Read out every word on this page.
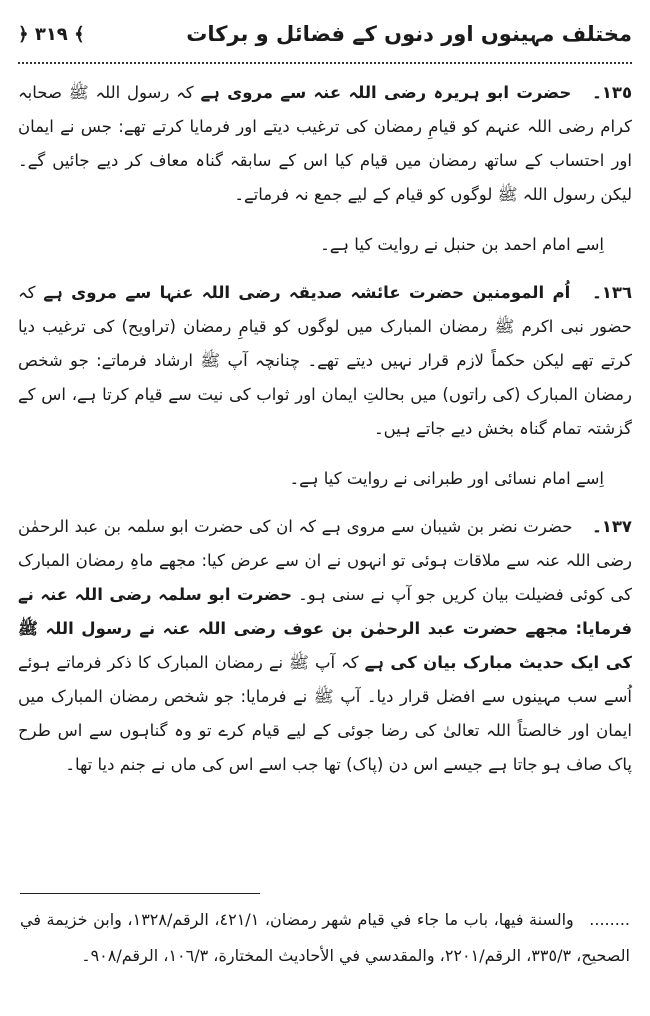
مختلف مہینوں اور دنوں کے فضائل و برکات
﴾ ٣١٩ ﴿

١٣٥۔ حضرت ابو ہریرہ رضی اللہ عنہ سے مروی ہے کہ رسول اللہ ﷺ صحابہ کرام رضی اللہ عنہم کو قیامِ رمضان کی ترغیب دیتے اور فرمایا کرتے تھے: جس نے ایمان اور احتساب کے ساتھ رمضان میں قیام کیا اس کے سابقہ گناہ معاف کر دیے جائیں گے۔ لیکن رسول اللہ ﷺ لوگوں کو قیام کے لیے جمع نہ فرماتے۔

اِسے امام احمد بن حنبل نے روایت کیا ہے۔

١٣٦۔ اُم المومنین حضرت عائشہ صدیقہ رضی اللہ عنہا سے مروی ہے کہ حضور نبی اکرم ﷺ رمضان المبارک میں لوگوں کو قیامِ رمضان (تراویح) کی ترغیب دیا کرتے تھے لیکن حکماً لازم قرار نہیں دیتے تھے۔ چنانچہ آپ ﷺ ارشاد فرماتے: جو شخص رمضان المبارک (کی راتوں) میں بحالتِ ایمان اور ثواب کی نیت سے قیام کرتا ہے، اس کے گزشتہ تمام گناہ بخش دیے جاتے ہیں۔

اِسے امام نسائی اور طبرانی نے روایت کیا ہے۔

١٣٧۔ حضرت نضر بن شیبان سے مروی ہے کہ ان کی حضرت ابو سلمہ بن عبد الرحمٰن رضی اللہ عنہ سے ملاقات ہوئی تو انہوں نے ان سے عرض کیا: مجھے ماہِ رمضان المبارک کی کوئی فضیلت بیان کریں جو آپ نے سنی ہو۔ حضرت ابو سلمہ رضی اللہ عنہ نے فرمایا: مجھے حضرت عبد الرحمٰن بن عوف رضی اللہ عنہ نے رسول اللہ ﷺ کی ایک حدیث مبارک بیان کی ہے کہ آپ ﷺ نے رمضان المبارک کا ذکر فرماتے ہوئے اُسے سب مہینوں سے افضل قرار دیا۔ آپ ﷺ نے فرمایا: جو شخص رمضان المبارک میں ایمان اور خالصتاً اللہ تعالیٰ کی رضا جوئی کے لیے قیام کرے تو وہ گناہوں سے اس طرح پاک صاف ہو جاتا ہے جیسے اس دن (پاک) تھا جب اسے اس کی ماں نے جنم دیا تھا۔

........ والسنة فيها، باب ما جاء في قيام شهر رمضان، ٤٢١/١، الرقم/١٣٢٨، وابن خزيمة في الصحيح، ٣٣٥/٣، الرقم/٢٢٠١، والمقدسي في الأحاديث المختارة، ١٠٦/٣، الرقم/٩٠٨۔
